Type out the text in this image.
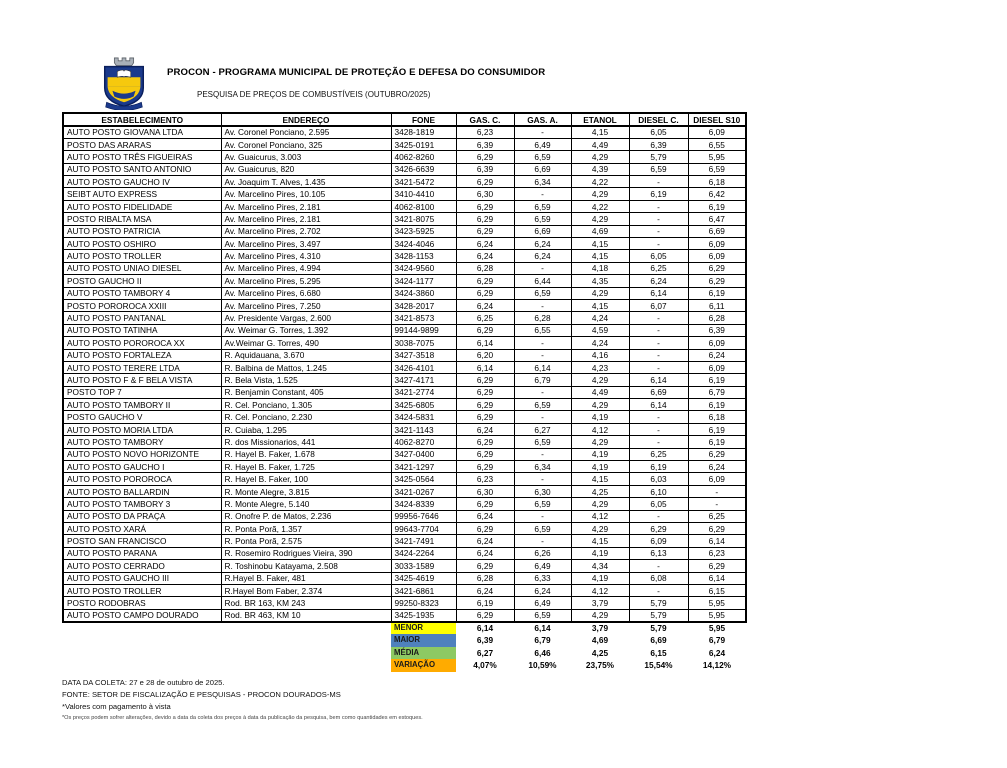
PROCON - PROGRAMA MUNICIPAL DE PROTEÇÃO E DEFESA DO CONSUMIDOR
PESQUISA DE PREÇOS DE COMBUSTÍVEIS (OUTUBRO/2025)
ESTABELECIMENTO	ENDEREÇO	FONE	GAS. C.	GAS. A.	ETANOL	DIESEL C.	DIESEL S10
AUTO POSTO GIOVANA LTDA	Av. Coronel Ponciano, 2.595	3428-1819	6,23	-	4,15	6,05	6,09
POSTO DAS ARARAS	Av. Coronel Ponciano, 325	3425-0191	6,39	6,49	4,49	6,39	6,55
AUTO POSTO TRÊS FIGUEIRAS	Av. Guaicurus, 3.003	4062-8260	6,29	6,59	4,29	5,79	5,95
AUTO POSTO SANTO ANTONIO	Av. Guaicurus, 820	3426-6639	6,39	6,69	4,39	6,59	6,59
AUTO POSTO GAUCHO IV	Av. Joaquim T. Alves, 1.435	3421-5472	6,29	6,34	4,22	-	6,18
SEIBT AUTO EXPRESS	Av. Marcelino Pires, 10.105	3410-4410	6,30	-	4,29	6,19	6,42
AUTO POSTO FIDELIDADE	Av. Marcelino Pires, 2.181	4062-8100	6,29	6,59	4,22	-	6,19
POSTO RIBALTA MSA	Av. Marcelino Pires, 2.181	3421-8075	6,29	6,59	4,29	-	6,47
AUTO POSTO PATRICIA	Av. Marcelino Pires, 2.702	3423-5925	6,29	6,69	4,69	-	6,69
AUTO POSTO OSHIRO	Av. Marcelino Pires, 3.497	3424-4046	6,24	6,24	4,15	-	6,09
AUTO POSTO TROLLER	Av. Marcelino Pires, 4.310	3428-1153	6,24	6,24	4,15	6,05	6,09
AUTO POSTO UNIAO DIESEL	Av. Marcelino Pires, 4.994	3424-9560	6,28	-	4,18	6,25	6,29
POSTO GAUCHO II	Av. Marcelino Pires, 5.295	3424-1177	6,29	6,44	4,35	6,24	6,29
AUTO POSTO TAMBORY 4	Av. Marcelino Pires, 6.680	3424-3860	6,29	6,59	4,29	6,14	6,19
POSTO POROROCA XXIII	Av. Marcelino Pires, 7.250	3428-2017	6,24	-	4,15	6,07	6,11
AUTO POSTO PANTANAL	Av. Presidente Vargas, 2.600	3421-8573	6,25	6,28	4,24	-	6,28
AUTO POSTO TATINHA	Av. Weimar G. Torres, 1.392	99144-9899	6,29	6,55	4,59	-	6,39
AUTO POSTO POROROCA XX	Av.Weimar G. Torres, 490	3038-7075	6,14	-	4,24	-	6,09
AUTO POSTO FORTALEZA	R. Aquidauana, 3.670	3427-3518	6,20	-	4,16	-	6,24
AUTO POSTO TERERE LTDA	R. Balbina de Mattos, 1.245	3426-4101	6,14	6,14	4,23	-	6,09
AUTO POSTO F & F BELA VISTA	R. Bela Vista, 1.525	3427-4171	6,29	6,79	4,29	6,14	6,19
POSTO TOP 7	R. Benjamin Constant, 405	3421-2774	6,29	-	4,49	6,69	6,79
AUTO POSTO TAMBORY II	R. Cel. Ponciano, 1.305	3425-6805	6,29	6,59	4,29	6,14	6,19
POSTO GAUCHO V	R. Cel. Ponciano, 2.230	3424-5831	6,29	-	4,19	-	6,18
AUTO POSTO MORIA LTDA	R. Cuiaba, 1.295	3421-1143	6,24	6,27	4,12	-	6,19
AUTO POSTO TAMBORY	R. dos Missionarios, 441	4062-8270	6,29	6,59	4,29	-	6,19
AUTO POSTO NOVO HORIZONTE	R. Hayel B. Faker, 1.678	3427-0400	6,29	-	4,19	6,25	6,29
AUTO POSTO GAUCHO I	R. Hayel B. Faker, 1.725	3421-1297	6,29	6,34	4,19	6,19	6,24
AUTO POSTO POROROCA	R. Hayel B. Faker, 100	3425-0564	6,23	-	4,15	6,03	6,09
AUTO POSTO BALLARDIN	R. Monte Alegre, 3.815	3421-0267	6,30	6,30	4,25	6,10	-
AUTO POSTO TAMBORY 3	R. Monte Alegre, 5.140	3424-8339	6,29	6,59	4,29	6,05	-
AUTO POSTO DA PRAÇA	R. Onofre P. de Matos, 2.236	99956-7646	6,24	-	4,12	-	6,25
AUTO POSTO XARÁ	R. Ponta Porã, 1.357	99643-7704	6,29	6,59	4,29	6,29	6,29
POSTO SAN FRANCISCO	R. Ponta Porã, 2.575	3421-7491	6,24	-	4,15	6,09	6,14
AUTO POSTO PARANA	R. Rosemiro Rodrigues Vieira, 390	3424-2264	6,24	6,26	4,19	6,13	6,23
AUTO POSTO CERRADO	R. Toshinobu Katayama, 2.508	3033-1589	6,29	6,49	4,34	-	6,29
AUTO POSTO GAUCHO III	R.Hayel B. Faker, 481	3425-4619	6,28	6,33	4,19	6,08	6,14
AUTO POSTO TROLLER	R.Hayel Bom Faber, 2.374	3421-6861	6,24	6,24	4,12	-	6,15
POSTO RODOBRAS	Rod. BR 163, KM 243	99250-8323	6,19	6,49	3,79	5,79	5,95
AUTO POSTO CAMPO DOURADO	Rod. BR 463, KM 10	3425-1935	6,29	6,59	4,29	5,79	5,95
		MENOR	6,14	6,14	3,79	5,79	5,95
		MAIOR	6,39	6,79	4,69	6,69	6,79
		MÉDIA	6,27	6,46	4,25	6,15	6,24
		VARIAÇÃO	4,07%	10,59%	23,75%	15,54%	14,12%
DATA DA COLETA: 27 e 28 de outubro de 2025.
FONTE: SETOR DE FISCALIZAÇÃO E PESQUISAS - PROCON DOURADOS-MS
*Valores com pagamento à vista
*Os preços podem sofrer alterações, devido a data da coleta dos preços à data da publicação da pesquisa, bem como quantidades em estoques.
